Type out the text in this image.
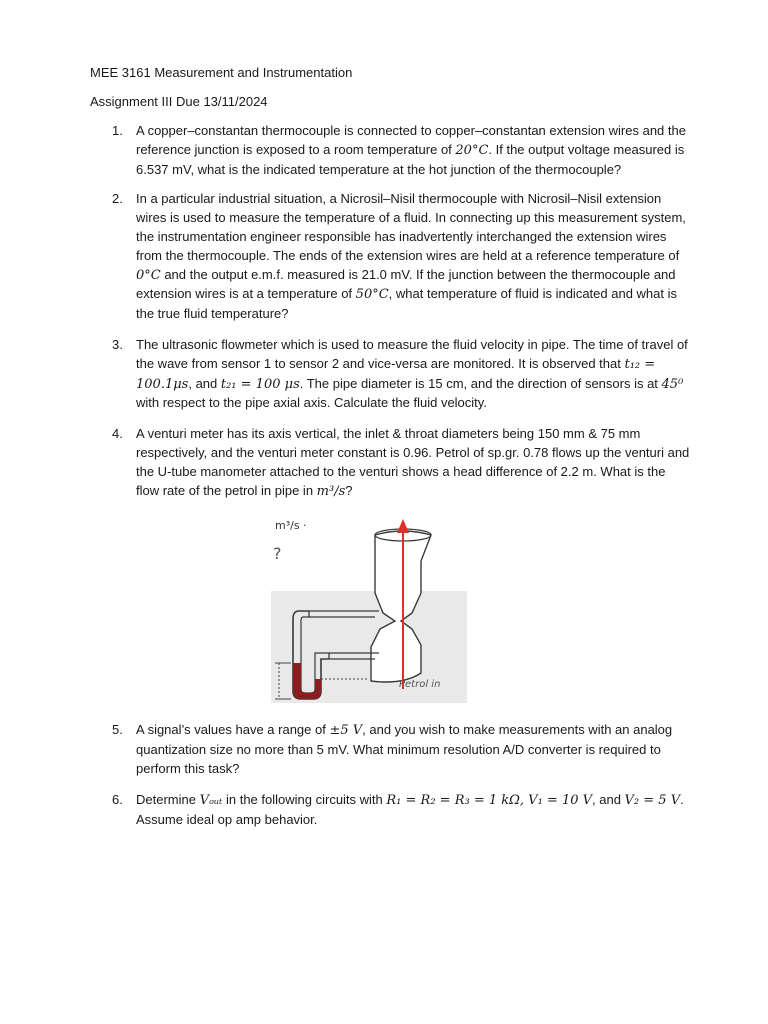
MEE 3161 Measurement and Instrumentation
Assignment III Due 13/11/2024
1. A copper–constantan thermocouple is connected to copper–constantan extension wires and the reference junction is exposed to a room temperature of 20°C. If the output voltage measured is 6.537 mV, what is the indicated temperature at the hot junction of the thermocouple?

2. In a particular industrial situation, a Nicrosil–Nisil thermocouple with Nicrosil–Nisil extension wires is used to measure the temperature of a fluid. In connecting up this measurement system, the instrumentation engineer responsible has inadvertently interchanged the extension wires from the thermocouple. The ends of the extension wires are held at a reference temperature of 0°C and the output e.m.f. measured is 21.0 mV. If the junction between the thermocouple and extension wires is at a temperature of 50°C, what temperature of fluid is indicated and what is the true fluid temperature?

3. The ultrasonic flowmeter which is used to measure the fluid velocity in pipe. The time of travel of the wave from sensor 1 to sensor 2 and vice-versa are monitored. It is observed that t₁₂ = 100.1μs, and t₂₁ = 100 μs. The pipe diameter is 15 cm, and the direction of sensors is at 45⁰ with respect to the pipe axial axis. Calculate the fluid velocity.

4. A venturi meter has its axis vertical, the inlet & throat diameters being 150 mm & 75 mm respectively, and the venturi meter constant is 0.96. Petrol of sp.gr. 0.78 flows up the venturi and the U-tube manometer attached to the venturi shows a head difference of 2.2 m. What is the flow rate of the petrol in pipe in m³/s?

m³/s ·
?
Petrol in
5. A signal’s values have a range of ±5 V, and you wish to make measurements with an analog quantization size no more than 5 mV. What minimum resolution A/D converter is required to perform this task?

6. Determine Vₒᵤₜ in the following circuits with R₁ = R₂ = R₃ = 1 kΩ, V₁ = 10 V, and V₂ = 5 V. Assume ideal op amp behavior.
